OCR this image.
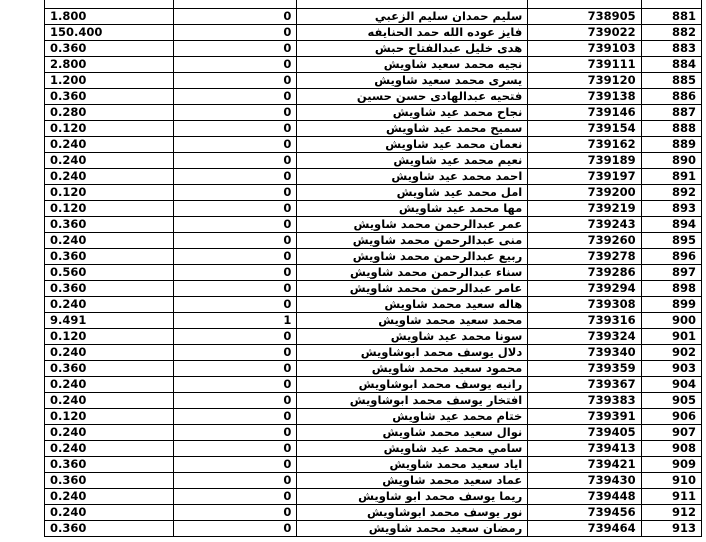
1.800	0	سليم حمدان سليم الزعبي	738905	881
150.400	0	فايز عوده الله حمد الحنايفه	739022	882
0.360	0	هدى خليل عبدالفتاح حبش	739103	883
2.800	0	نجيه محمد سعيد شاويش	739111	884
1.200	0	يسرى محمد سعيد شاويش	739120	885
0.360	0	فتحيه عبدالهادى حسن حسين	739138	886
0.280	0	نجاح محمد عيد شاويش	739146	887
0.120	0	سميح محمد عيد شاويش	739154	888
0.240	0	نعمان محمد عيد شاويش	739162	889
0.240	0	نعيم محمد عيد شاويش	739189	890
0.240	0	احمد محمد عيد شاويش	739197	891
0.120	0	امل محمد عيد شاويش	739200	892
0.120	0	مها محمد عيد شاويش	739219	893
0.360	0	عمر عبدالرحمن محمد شاويش	739243	894
0.240	0	منى عبدالرحمن محمد شاويش	739260	895
0.360	0	ربيع عبدالرحمن محمد شاويش	739278	896
0.560	0	سناء عبدالرحمن محمد شاويش	739286	897
0.360	0	عامر عبدالرحمن محمد شاويش	739294	898
0.240	0	هاله سعيد محمد شاويش	739308	899
9.491	1	محمد سعيد محمد شاويش	739316	900
0.120	0	سونا محمد عيد شاويش	739324	901
0.240	0	دلال يوسف محمد ابوشاويش	739340	902
0.360	0	محمود سعيد محمد شاويش	739359	903
0.240	0	رانيه يوسف محمد ابوشاويش	739367	904
0.240	0	افتخار يوسف محمد ابوشاويش	739383	905
0.120	0	ختام محمد عيد شاويش	739391	906
0.240	0	نوال سعيد محمد شاويش	739405	907
0.240	0	سامي محمد عيد شاويش	739413	908
0.360	0	اياد سعيد محمد شاويش	739421	909
0.360	0	عماد سعيد محمد شاويش	739430	910
0.240	0	ريما يوسف محمد ابو شاويش	739448	911
0.240	0	نور يوسف محمد ابوشاويش	739456	912
0.360	0	رمضان سعيد محمد شاويش	739464	913
